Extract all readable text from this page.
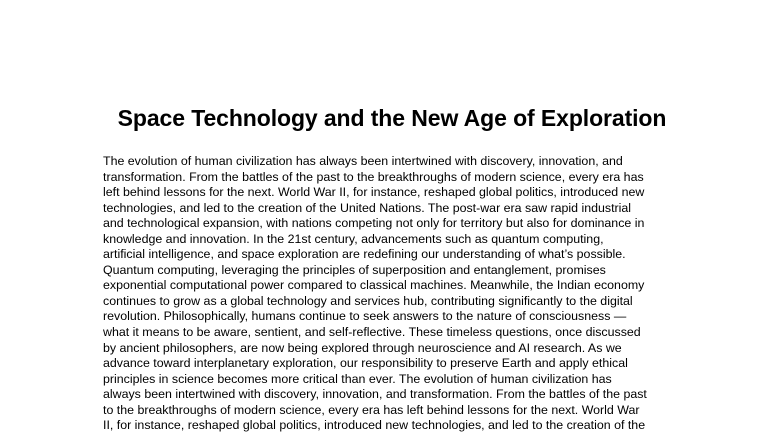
Space Technology and the New Age of Exploration
The evolution of human civilization has always been intertwined with discovery, innovation, and
transformation. From the battles of the past to the breakthroughs of modern science, every era has
left behind lessons for the next. World War II, for instance, reshaped global politics, introduced new
technologies, and led to the creation of the United Nations. The post-war era saw rapid industrial
and technological expansion, with nations competing not only for territory but also for dominance in
knowledge and innovation. In the 21st century, advancements such as quantum computing,
artificial intelligence, and space exploration are redefining our understanding of what’s possible.
Quantum computing, leveraging the principles of superposition and entanglement, promises
exponential computational power compared to classical machines. Meanwhile, the Indian economy
continues to grow as a global technology and services hub, contributing significantly to the digital
revolution. Philosophically, humans continue to seek answers to the nature of consciousness —
what it means to be aware, sentient, and self-reflective. These timeless questions, once discussed
by ancient philosophers, are now being explored through neuroscience and AI research. As we
advance toward interplanetary exploration, our responsibility to preserve Earth and apply ethical
principles in science becomes more critical than ever. The evolution of human civilization has
always been intertwined with discovery, innovation, and transformation. From the battles of the past
to the breakthroughs of modern science, every era has left behind lessons for the next. World War
II, for instance, reshaped global politics, introduced new technologies, and led to the creation of the
